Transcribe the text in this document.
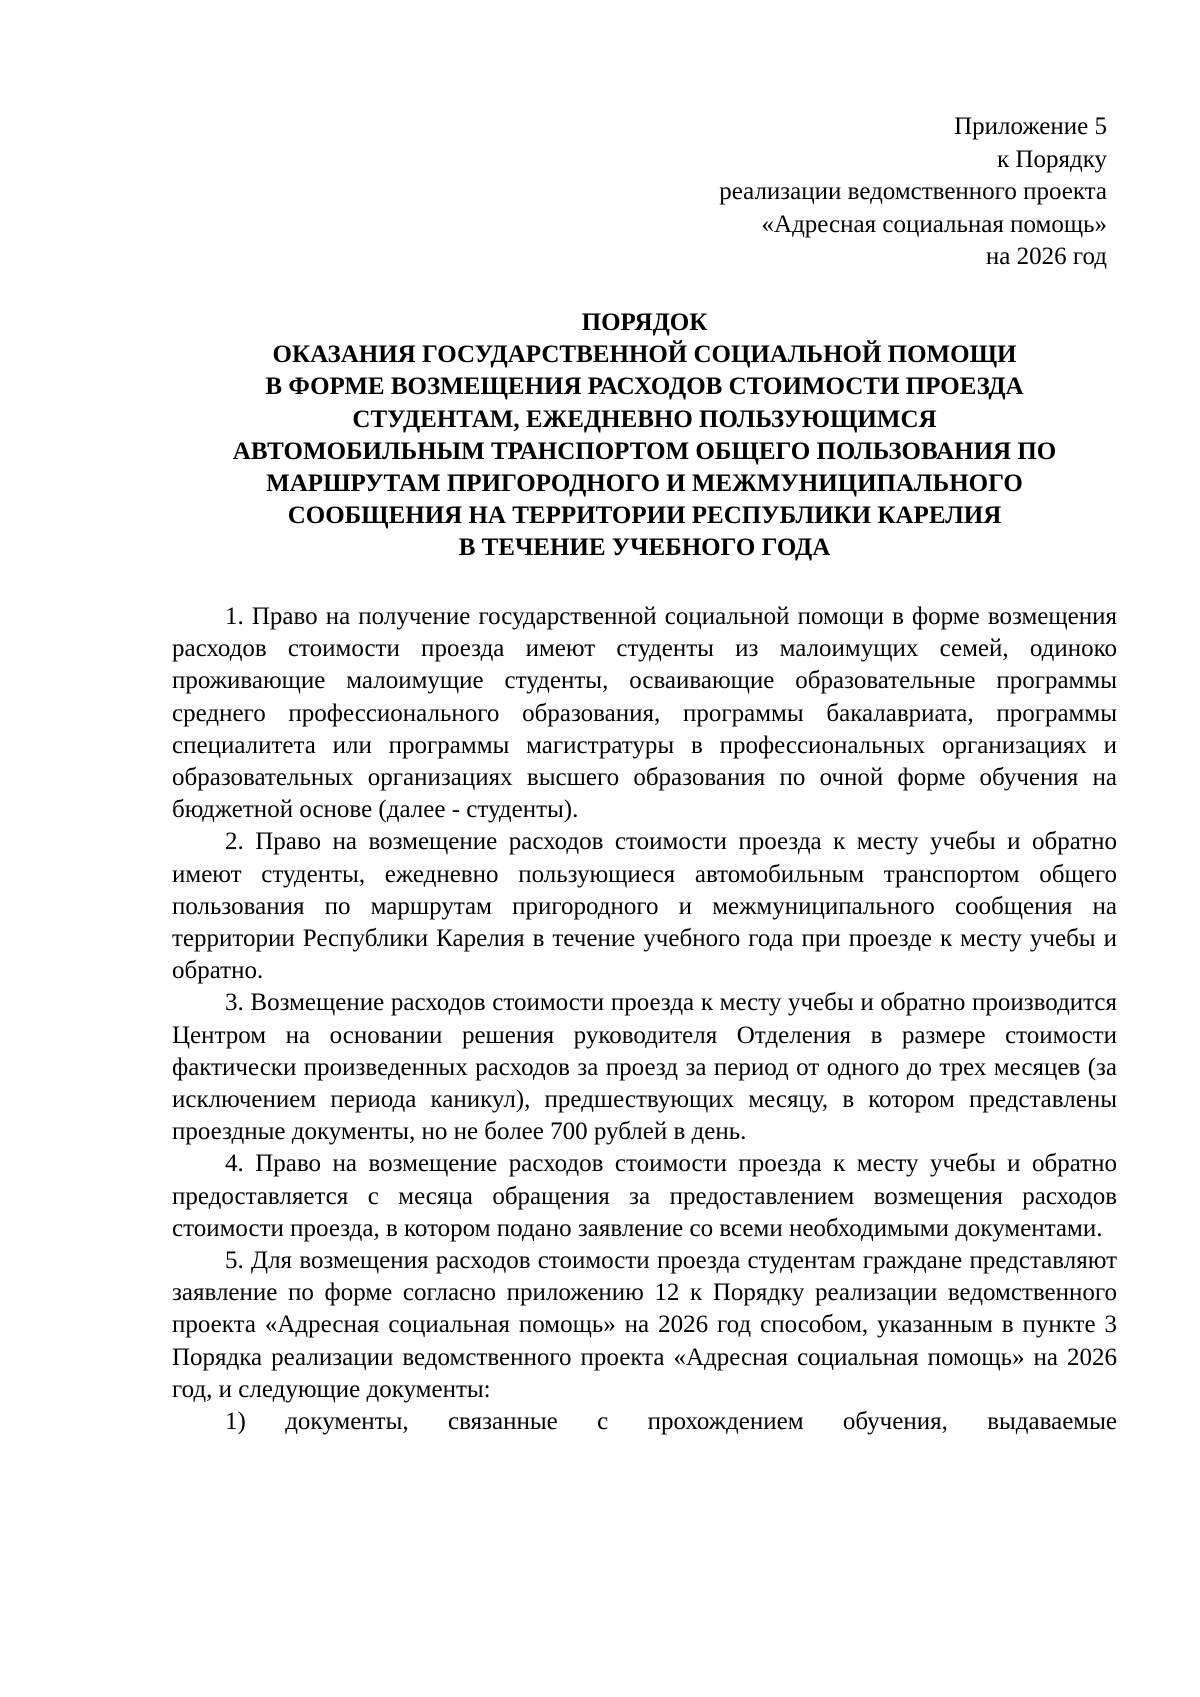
Приложение 5
к Порядку
реализации ведомственного проекта
«Адресная социальная помощь»
на 2026 год
ПОРЯДОК
ОКАЗАНИЯ ГОСУДАРСТВЕННОЙ СОЦИАЛЬНОЙ ПОМОЩИ
В ФОРМЕ ВОЗМЕЩЕНИЯ РАСХОДОВ СТОИМОСТИ ПРОЕЗДА
СТУДЕНТАМ, ЕЖЕДНЕВНО ПОЛЬЗУЮЩИМСЯ
АВТОМОБИЛЬНЫМ ТРАНСПОРТОМ ОБЩЕГО ПОЛЬЗОВАНИЯ ПО
МАРШРУТАМ ПРИГОРОДНОГО И МЕЖМУНИЦИПАЛЬНОГО
СООБЩЕНИЯ НА ТЕРРИТОРИИ РЕСПУБЛИКИ КАРЕЛИЯ
В ТЕЧЕНИЕ УЧЕБНОГО ГОДА

1. Право на получение государственной социальной помощи в форме возмещения расходов стоимости проезда имеют студенты из малоимущих семей, одиноко проживающие малоимущие студенты, осваивающие образовательные программы среднего профессионального образования, программы бакалавриата, программы специалитета или программы магистратуры в профессиональных организациях и образовательных организациях высшего образования по очной форме обучения на бюджетной основе (далее - студенты).

2. Право на возмещение расходов стоимости проезда к месту учебы и обратно имеют студенты, ежедневно пользующиеся автомобильным транспортом общего пользования по маршрутам пригородного и межмуниципального сообщения на территории Республики Карелия в течение учебного года при проезде к месту учебы и обратно.

3. Возмещение расходов стоимости проезда к месту учебы и обратно производится Центром на основании решения руководителя Отделения в размере стоимости фактически произведенных расходов за проезд за период от одного до трех месяцев (за исключением периода каникул), предшествующих месяцу, в котором представлены проездные документы, но не более 700 рублей в день.

4. Право на возмещение расходов стоимости проезда к месту учебы и обратно предоставляется с месяца обращения за предоставлением возмещения расходов стоимости проезда, в котором подано заявление со всеми необходимыми документами.

5. Для возмещения расходов стоимости проезда студентам граждане представляют заявление по форме согласно приложению 12 к Порядку реализации ведомственного проекта «Адресная социальная помощь» на 2026 год способом, указанным в пункте 3 Порядка реализации ведомственного проекта «Адресная социальная помощь» на 2026 год, и следующие документы:

1) документы, связанные с прохождением обучения, выдаваемые
